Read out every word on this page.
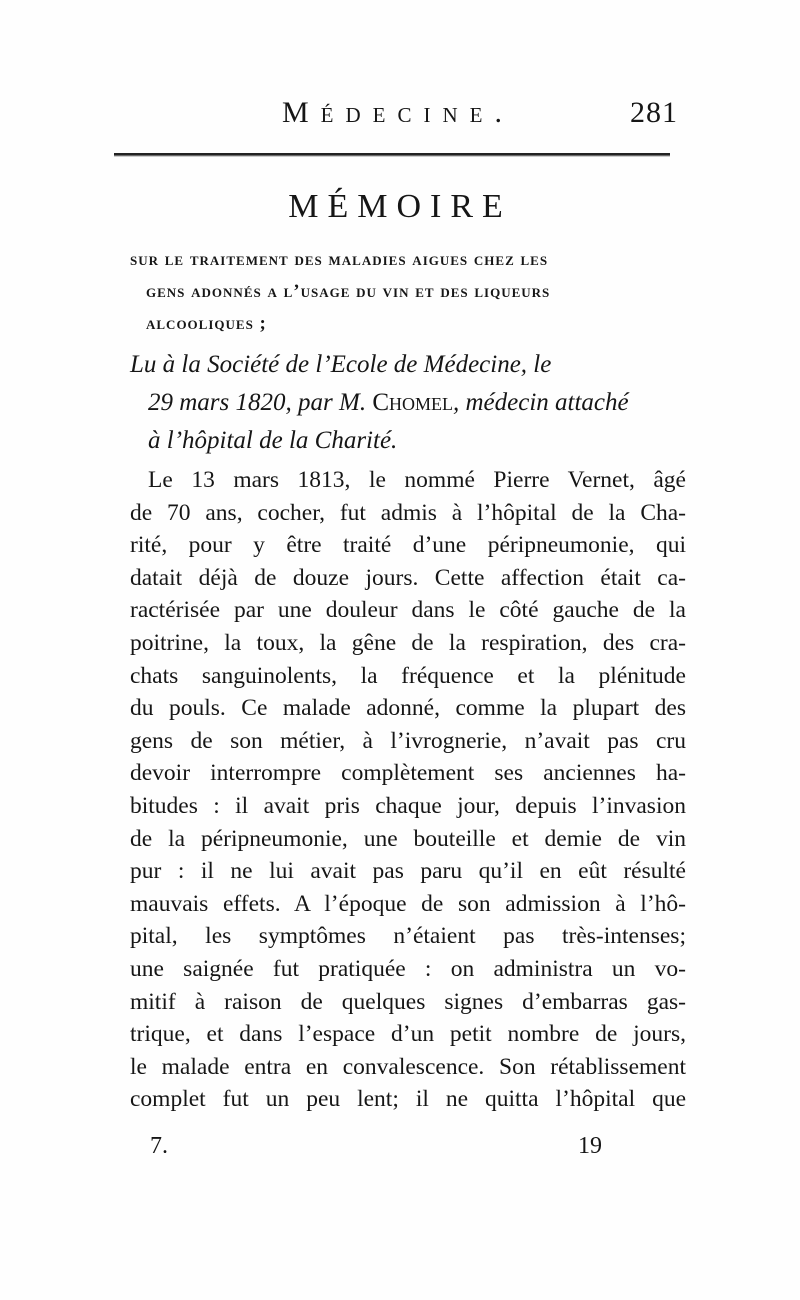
Médecine.	281
MÉMOIRE
sur le traitement des maladies aigues chez les
gens adonnés a l’usage du vin et des liqueurs
alcooliques ;
Lu à la Société de l’Ecole de Médecine, le
29 mars 1820, par M. Chomel, médecin attaché
à l’hôpital de la Charité.
Le 13 mars 1813, le nommé Pierre Vernet, âgé
de 70 ans, cocher, fut admis à l’hôpital de la Cha-
rité, pour y être traité d’une péripneumonie, qui
datait déjà de douze jours. Cette affection était ca-
ractérisée par une douleur dans le côté gauche de la
poitrine, la toux, la gêne de la respiration, des cra-
chats sanguinolents, la fréquence et la plénitude
du pouls. Ce malade adonné, comme la plupart des
gens de son métier, à l’ivrognerie, n’avait pas cru
devoir interrompre complètement ses anciennes ha-
bitudes : il avait pris chaque jour, depuis l’invasion
de la péripneumonie, une bouteille et demie de vin
pur : il ne lui avait pas paru qu’il en eût résulté
mauvais effets. A l’époque de son admission à l’hô-
pital, les symptômes n’étaient pas très-intenses;
une saignée fut pratiquée : on administra un vo-
mitif à raison de quelques signes d’embarras gas-
trique, et dans l’espace d’un petit nombre de jours,
le malade entra en convalescence. Son rétablissement
complet fut un peu lent; il ne quitta l’hôpital que
7.	19
